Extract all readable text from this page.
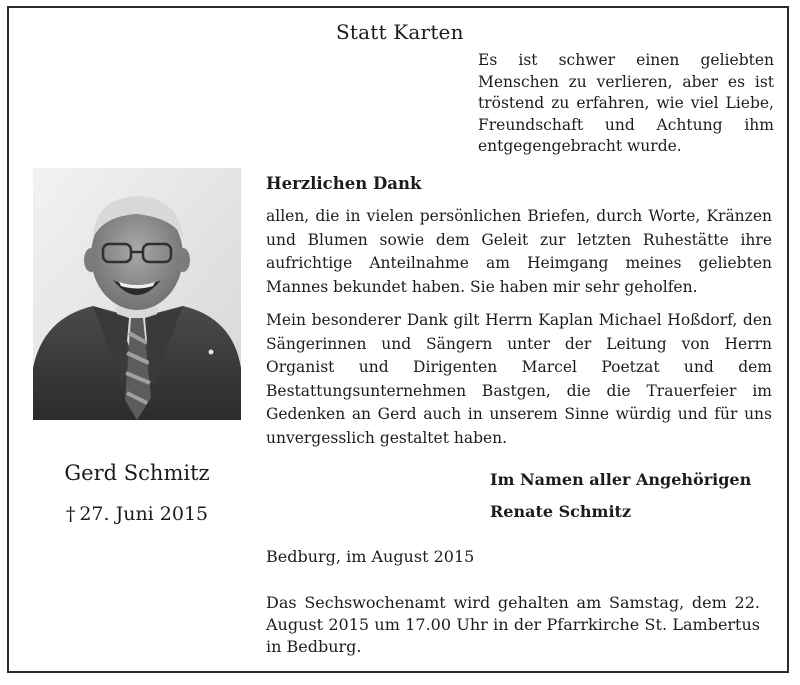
Statt Karten

Es ist schwer einen geliebten Menschen zu verlieren, aber es ist tröstend zu erfahren, wie viel Liebe, Freundschaft und Achtung ihm entgegengebracht wurde.

Gerd Schmitz
† 27. Juni 2015
Herzlichen Dank

allen, die in vielen persönlichen Briefen, durch Worte, Kränzen und Blumen sowie dem Geleit zur letzten Ruhestätte ihre aufrichtige Anteilnahme am Heimgang meines geliebten Mannes bekundet haben. Sie haben mir sehr geholfen.

Mein besonderer Dank gilt Herrn Kaplan Michael Hoßdorf, den Sängerinnen und Sängern unter der Leitung von Herrn Organist und Dirigenten Marcel Poetzat und dem Bestattungsunternehmen Bastgen, die die Trauerfeier im Gedenken an Gerd auch in unserem Sinne würdig und für uns unvergesslich gestaltet haben.

Im Namen aller Angehörigen
Renate Schmitz
Bedburg, im August 2015

Das Sechswochenamt wird gehalten am Samstag, dem 22. August 2015 um 17.00 Uhr in der Pfarrkirche St. Lambertus in Bedburg.
